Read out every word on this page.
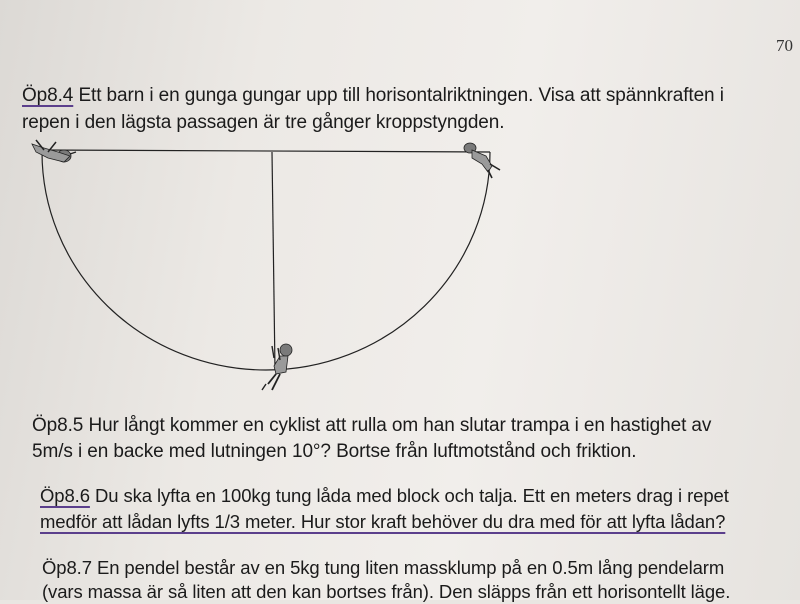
70
Öp8.4 Ett barn i en gunga gungar upp till horisontalriktningen. Visa att spännkraften i
repen i den lägsta passagen är tre gånger kroppstyngden.
Öp8.5 Hur långt kommer en cyklist att rulla om han slutar trampa i en hastighet av
5m/s i en backe med lutningen 10°? Bortse från luftmotstånd och friktion.
Öp8.6 Du ska lyfta en 100kg tung låda med block och talja. Ett en meters drag i repet
medför att lådan lyfts 1/3 meter. Hur stor kraft behöver du dra med för att lyfta lådan?
Öp8.7 En pendel består av en 5kg tung liten massklump på en 0.5m lång pendelarm
(vars massa är så liten att den kan bortses från). Den släpps från ett horisontellt läge.
